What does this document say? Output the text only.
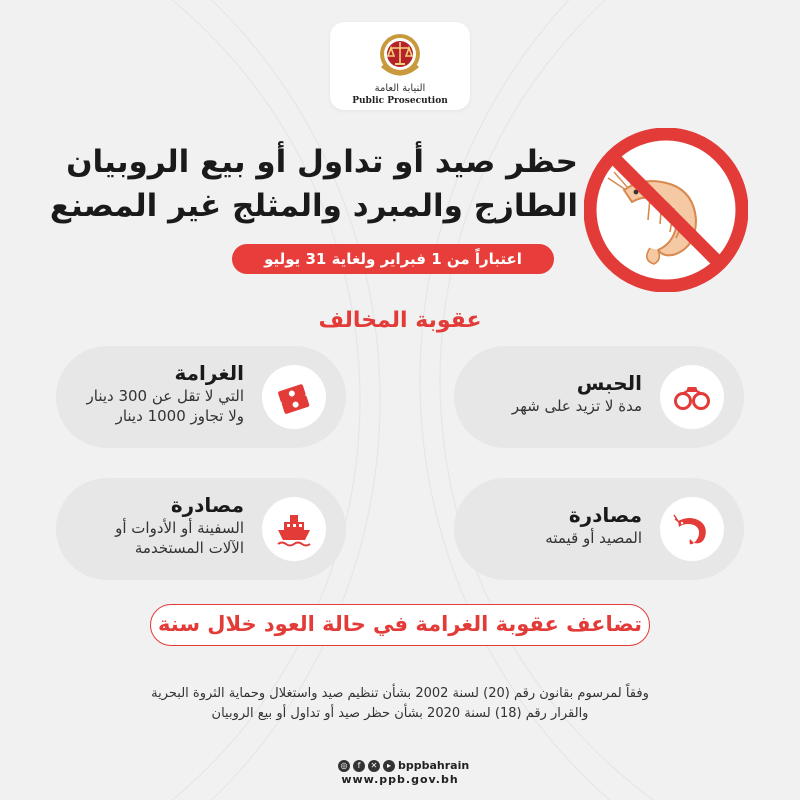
النيابة العامة
Public Prosecution
حظر صيد أو تداول أو بيع الروبيان
الطازج والمبرد والمثلج غير المصنع
اعتباراً من 1 فبراير ولغاية 31 يوليو
عقوبة المخالف
الحبس
مدة لا تزيد على شهر
الغرامة
التي لا تقل عن 300 دينار
ولا تجاوز 1000 دينار
مصادرة
المصيد أو قيمته
مصادرة
السفينة أو الأدوات أو
الآلات المستخدمة
تضاعف عقوبة الغرامة في حالة العود خلال سنة
وفقاً لمرسوم بقانون رقم (20) لسنة 2002 بشأن تنظيم صيد واستغلال وحماية الثروة البحرية
والقرار رقم (18) لسنة 2020 بشأن حظر صيد أو تداول أو بيع الروبيان
◎	f	✕	▸ bppbahrain
www.ppb.gov.bh
